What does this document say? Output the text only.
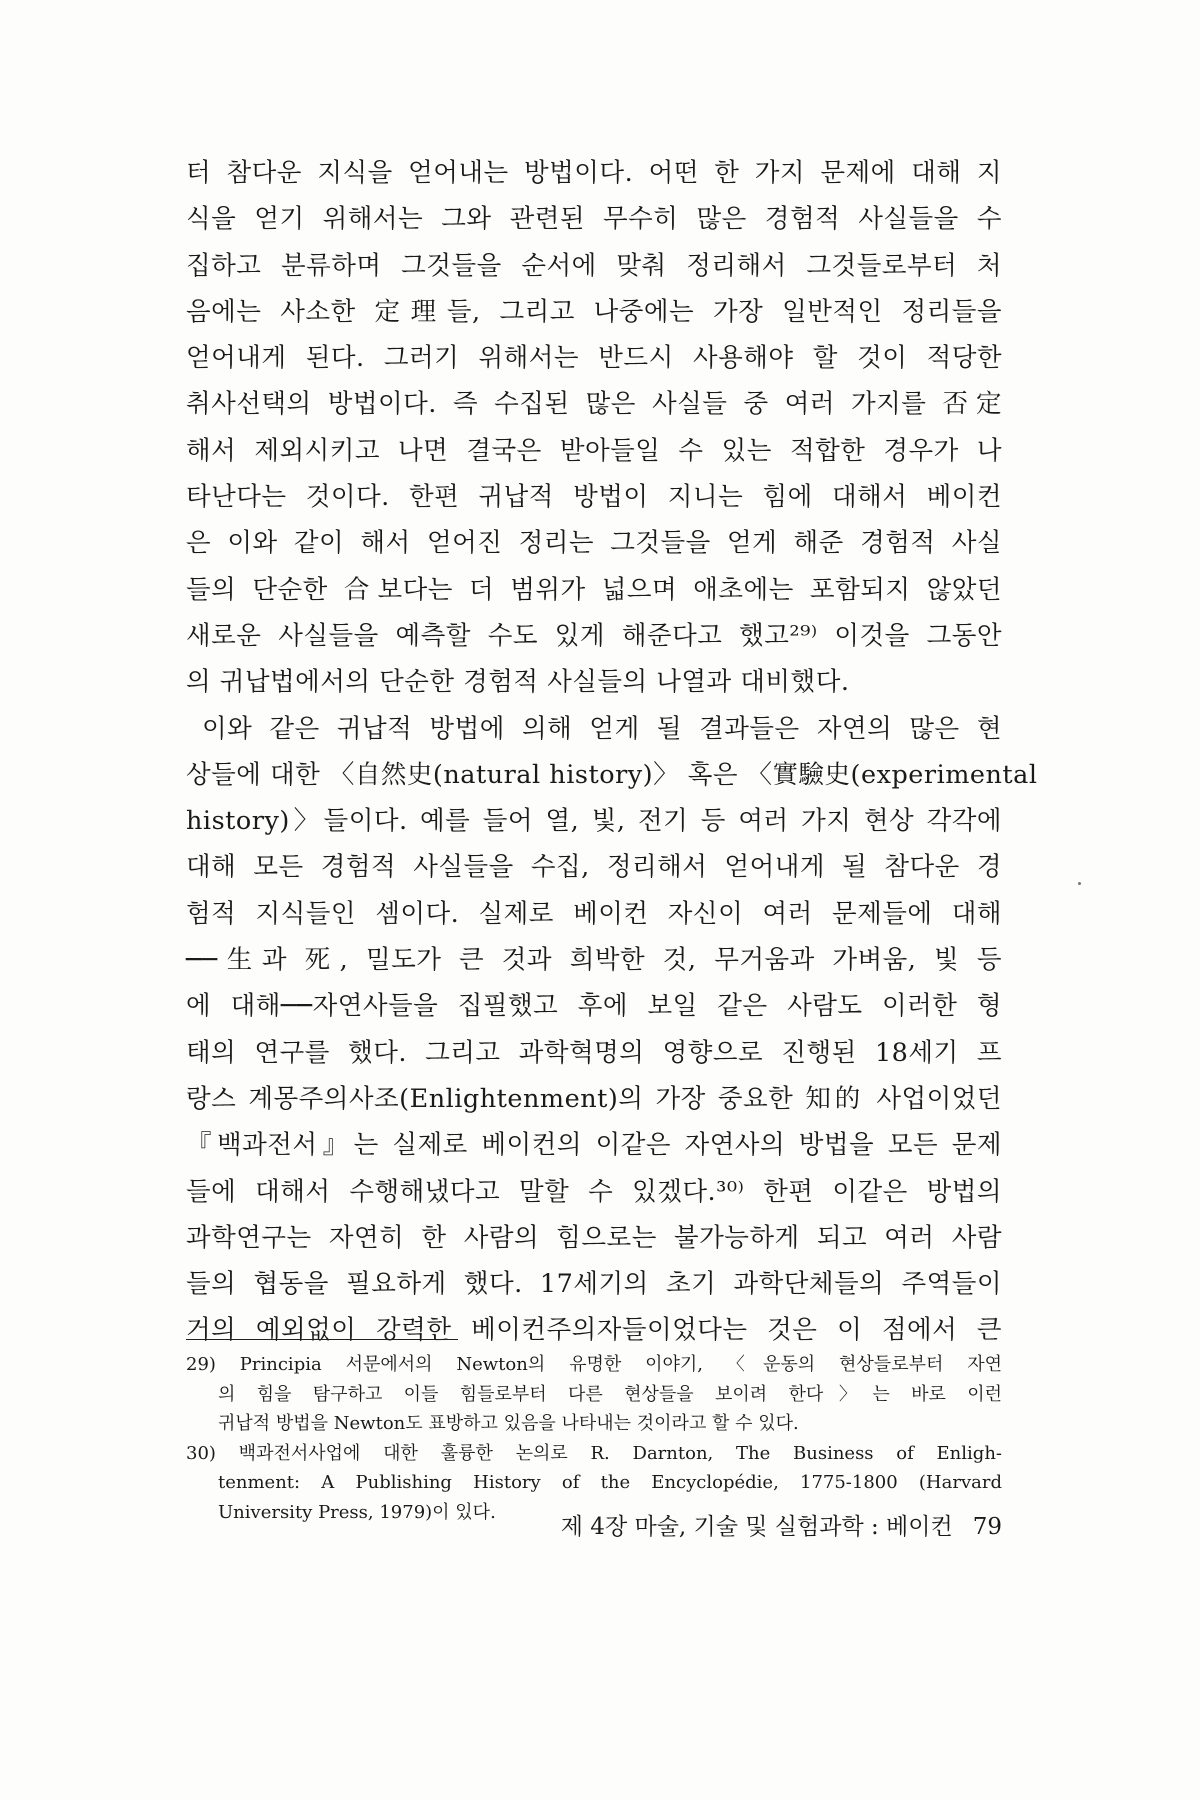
터 참다운 지식을 얻어내는 방법이다. 어떤 한 가지 문제에 대해 지
식을 얻기 위해서는 그와 관련된 무수히 많은 경험적 사실들을 수
집하고 분류하며 그것들을 순서에 맞춰 정리해서 그것들로부터 처
음에는 사소한 定理들, 그리고 나중에는 가장 일반적인 정리들을
얻어내게 된다. 그러기 위해서는 반드시 사용해야 할 것이 적당한
취사선택의 방법이다. 즉 수집된 많은 사실들 중 여러 가지를 否定
해서 제외시키고 나면 결국은 받아들일 수 있는 적합한 경우가 나
타난다는 것이다. 한편 귀납적 방법이 지니는 힘에 대해서 베이컨
은 이와 같이 해서 얻어진 정리는 그것들을 얻게 해준 경험적 사실
들의 단순한 合보다는 더 범위가 넓으며 애초에는 포함되지 않았던
새로운 사실들을 예측할 수도 있게 해준다고 했고²⁹⁾ 이것을 그동안
의 귀납법에서의 단순한 경험적 사실들의 나열과 대비했다.
이와 같은 귀납적 방법에 의해 얻게 될 결과들은 자연의 많은 현
상들에 대한 〈自然史(natural history)〉 혹은 〈實驗史(experimental
history)〉들이다. 예를 들어 열, 빛, 전기 등 여러 가지 현상 각각에
대해 모든 경험적 사실들을 수집, 정리해서 얻어내게 될 참다운 경
험적 지식들인 셈이다. 실제로 베이컨 자신이 여러 문제들에 대해
──生과 死, 밀도가 큰 것과 희박한 것, 무거움과 가벼움, 빛 등
에 대해──자연사들을 집필했고 후에 보일 같은 사람도 이러한 형
태의 연구를 했다. 그리고 과학혁명의 영향으로 진행된 18세기 프
랑스 계몽주의사조(Enlightenment)의 가장 중요한 知的 사업이었던
『백과전서』는 실제로 베이컨의 이같은 자연사의 방법을 모든 문제
들에 대해서 수행해냈다고 말할 수 있겠다.³⁰⁾ 한편 이같은 방법의
과학연구는 자연히 한 사람의 힘으로는 불가능하게 되고 여러 사람
들의 협동을 필요하게 했다. 17세기의 초기 과학단체들의 주역들이
거의 예외없이 강력한 베이컨주의자들이었다는 것은 이 점에서 큰
29) Principia 서문에서의 Newton의 유명한 이야기, 〈운동의 현상들로부터 자연
의 힘을 탐구하고 이들 힘들로부터 다른 현상들을 보이려 한다〉는 바로 이런
귀납적 방법을 Newton도 표방하고 있음을 나타내는 것이라고 할 수 있다.
30) 백과전서사업에 대한 훌륭한 논의로 R. Darnton, The Business of Enligh-
tenment: A Publishing History of the Encyclopédie, 1775-1800 (Harvard
University Press, 1979)이 있다.
제 4장 마술, 기술 및 실험과학 : 베이컨 79
